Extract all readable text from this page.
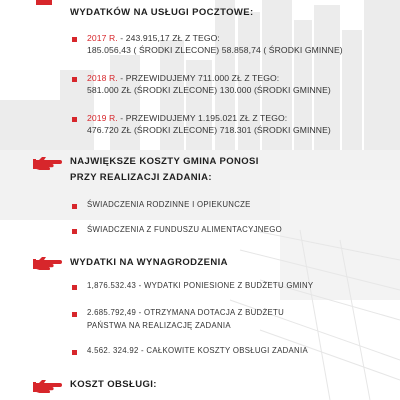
WYDATKÓW NA USŁUGI POCZTOWE:
2017 R. - 243.915,17 ZŁ Z TEGO:
185.056,43 ( ŚRODKI ZLECONE) 58.858,74 ( ŚRODKI GMINNE)
2018 R. - PRZEWIDUJEMY 711.000 ZŁ Z TEGO:
581.000 ZŁ (ŚRODKI ZLECONE) 130.000 (ŚRODKI GMINNE)
2019 R. - PRZEWIDUJEMY 1.195.021 ZŁ Z TEGO:
476.720 ZŁ (ŚRODKI ZLECONE) 718.301 (ŚRODKI GMINNE)
NAJWIĘKSZE KOSZTY GMINA PONOSI
PRZY REALIZACJI ZADANIA:
ŚWIADCZENIA RODZINNE I OPIEKUNCZE
ŚWIADCZENIA Z FUNDUSZU ALIMENTACYJNEGO
WYDATKI NA WYNAGRODZENIA
1,876.532.43 - WYDATKI PONIESIONE Z BUDŻETU GMINY
2.685.792,49 - OTRZYMANA DOTACJA Z BUDŻETU
PAŃSTWA NA REALIZACJĘ ZADANIA
4.562. 324.92 - CAŁKOWITE KOSZTY OBSŁUGI ZADANIA
KOSZT OBSŁUGI:
